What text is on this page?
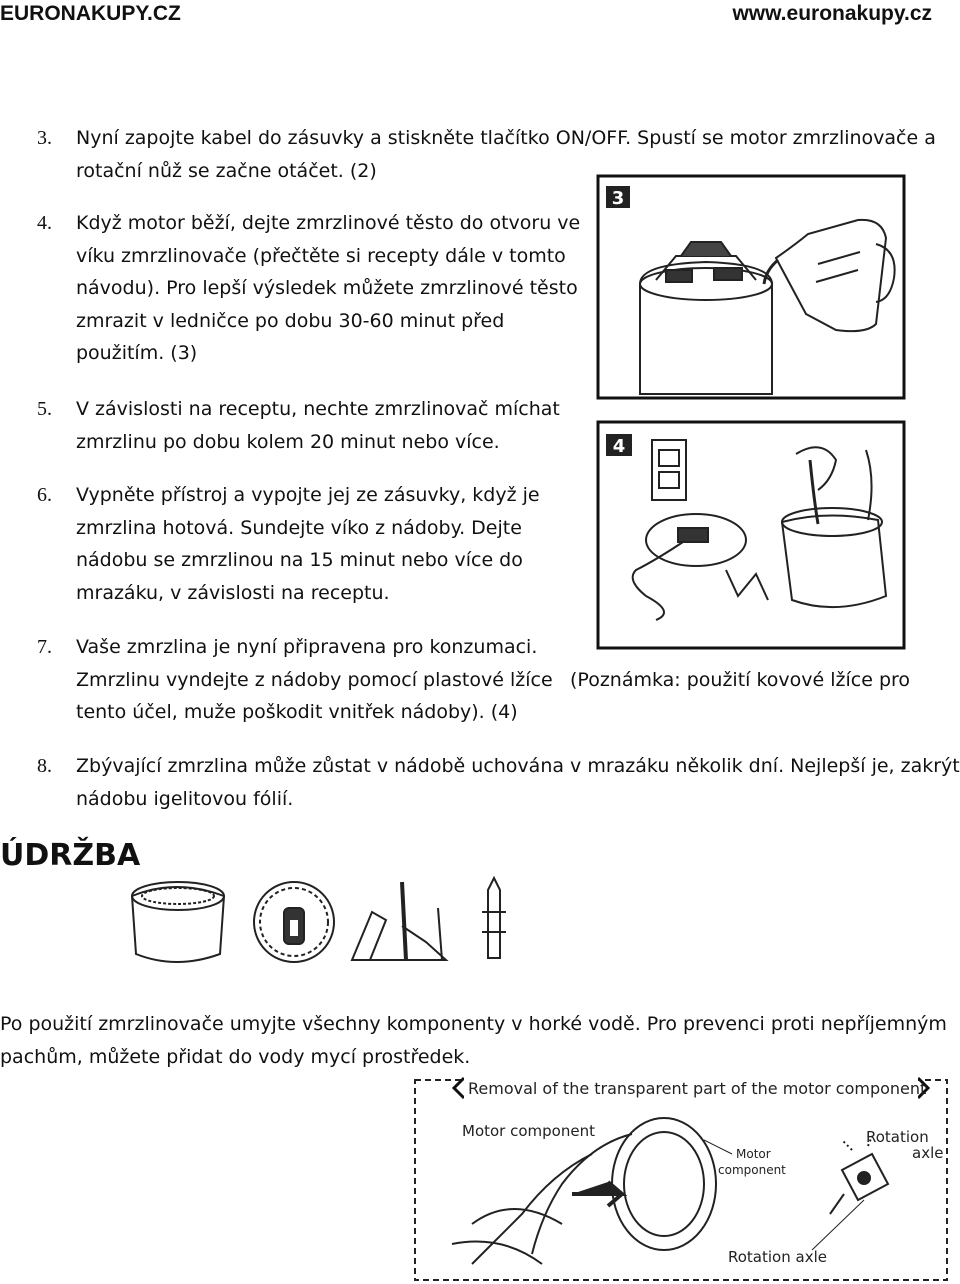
EURONAKUPY.CZ	www.euronakupy.cz
3. Nyní zapojte kabel do zásuvky a stiskněte tlačítko ON/OFF. Spustí se motor zmrzlinovače a
rotační nůž se začne otáčet. (2)
4. Když motor běží, dejte zmrzlinové těsto do otvoru ve
víku zmrzlinovače (přečtěte si recepty dále v tomto
návodu). Pro lepší výsledek můžete zmrzlinové těsto
zmrazit v ledničce po dobu 30-60 minut před
použitím. (3)
5. V závislosti na receptu, nechte zmrzlinovač míchat
zmrzlinu po dobu kolem 20 minut nebo více.
6. Vypněte přístroj a vypojte jej ze zásuvky, když je
zmrzlina hotová. Sundejte víko z nádoby. Dejte
nádobu se zmrzlinou na 15 minut nebo více do
mrazáku, v závislosti na receptu.
7. Vaše zmrzlina je nyní připravena pro konzumaci.
Zmrzlinu vyndejte z nádoby pomocí plastové lžíce (Poznámka: použití kovové lžíce pro
tento účel, muže poškodit vnitřek nádoby). (4)
8. Zbývající zmrzlina může zůstat v nádobě uchována v mrazáku několik dní. Nejlepší je, zakrýt
nádobu igelitovou fólií.
ÚDRŽBA
Po použití zmrzlinovače umyjte všechny komponenty v horké vodě. Pro prevenci proti nepříjemným
pachům, můžete přidat do vody mycí prostředek.
3
4
Removal of the transparent part of the motor component
Motor component
Motor
component
Rotation
axle
Rotation axle
